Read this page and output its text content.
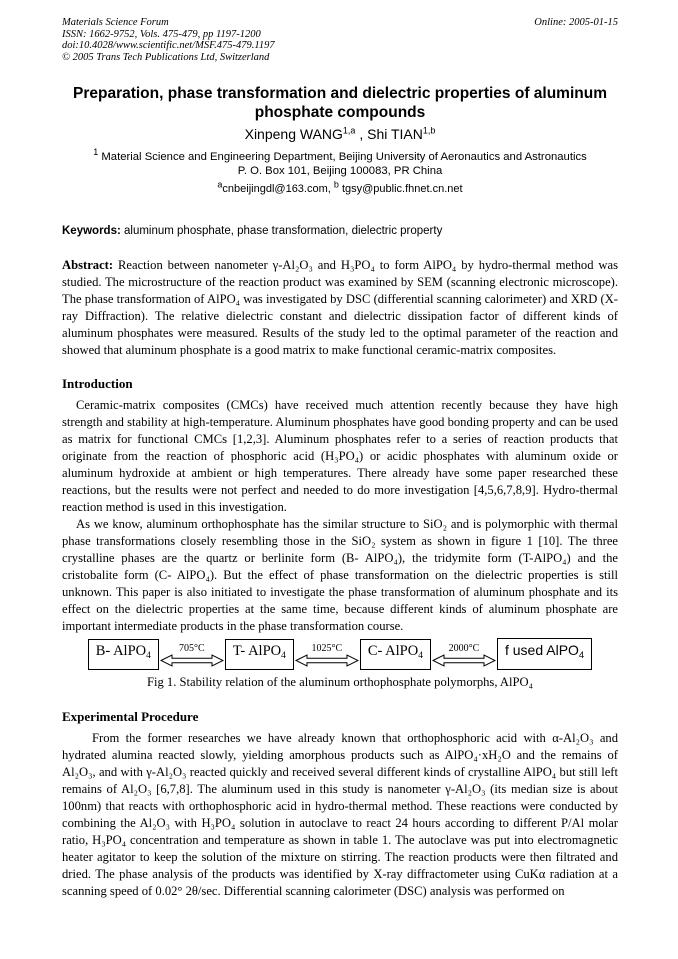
Materials Science Forum

ISSN: 1662-9752, Vols. 475-479, pp 1197-1200

doi:10.4028/www.scientific.net/MSF.475-479.1197

© 2005 Trans Tech Publications Ltd, Switzerland

Online: 2005-01-15

Preparation, phase transformation and dielectric properties of aluminum phosphate compounds
Xinpeng WANG$^{1,a}$ , Shi TIAN$^{1,b}$
$^1$ Material Science and Engineering Department, Beijing University of Aeronautics and Astronautics
P. O. Box 101, Beijing 100083, PR China
$^a$cnbeijingdl@163.com, $^b$ tgsy@public.fhnet.cn.net

Keywords: aluminum phosphate, phase transformation, dielectric property

Abstract: Reaction between nanometer γ-Al₂O₃ and H₃PO₄ to form AlPO₄ by hydro-thermal method was studied. The microstructure of the reaction product was examined by SEM (scanning electronic microscope). The phase transformation of AlPO₄ was investigated by DSC (differential scanning calorimeter) and XRD (X-ray Diffraction). The relative dielectric constant and dielectric dissipation factor of different kinds of aluminum phosphates were measured. Results of the study led to the optimal parameter of the reaction and showed that aluminum phosphate is a good matrix to make functional ceramic-matrix composites.

Introduction

Ceramic-matrix composites (CMCs) have received much attention recently because they have high strength and stability at high-temperature. Aluminum phosphates have good bonding property and can be used as matrix for functional CMCs [1,2,3]. Aluminum phosphates refer to a series of reaction products that originate from the reaction of phosphoric acid (H₃PO₄) or acidic phosphates with aluminum oxide or aluminum hydroxide at ambient or high temperatures. There already have some paper researched these reactions, but the results were not perfect and needed to do more investigation [4,5,6,7,8,9]. Hydro-thermal reaction method is used in this investigation.

As we know, aluminum orthophosphate has the similar structure to SiO₂ and is polymorphic with thermal phase transformations closely resembling those in the SiO₂ system as shown in figure 1 [10]. The three crystalline phases are the quartz or berlinite form (B- AlPO₄), the tridymite form (T-AlPO₄) and the cristobalite form (C- AlPO₄). But the effect of phase transformation on the dielectric properties is still unknown. This paper is also initiated to investigate the phase transformation of aluminum phosphate and its effect on the dielectric properties at the same time, because different kinds of aluminum phosphate are important intermediate products in the phase transformation course.

B- AlPO$_4$
705°C	T- AlPO$_4$
1025°C	C- AlPO$_4$
2000°C	f used AlPO$_4$
Fig 1. Stability relation of the aluminum orthophosphate polymorphs, AlPO₄

Experimental Procedure

From the former researches we have already known that orthophosphoric acid with α-Al₂O₃ and hydrated alumina reacted slowly, yielding amorphous products such as AlPO₄·xH₂O and the remains of Al₂O₃, and with γ-Al₂O₃ reacted quickly and received several different kinds of crystalline AlPO₄ but still left remains of Al₂O₃ [6,7,8]. The aluminum used in this study is nanometer γ-Al₂O₃ (its median size is about 100nm) that reacts with orthophosphoric acid in hydro-thermal method. These reactions were conducted by combining the Al₂O₃ with H₃PO₄ solution in autoclave to react 24 hours according to different P/Al molar ratio, H₃PO₄ concentration and temperature as shown in table 1. The autoclave was put into electromagnetic heater agitator to keep the solution of the mixture on stirring. The reaction products were then filtrated and dried. The phase analysis of the products was identified by X-ray diffractometer using CuKα radiation at a scanning speed of 0.02° 2θ/sec. Differential scanning calorimeter (DSC) analysis was performed on
